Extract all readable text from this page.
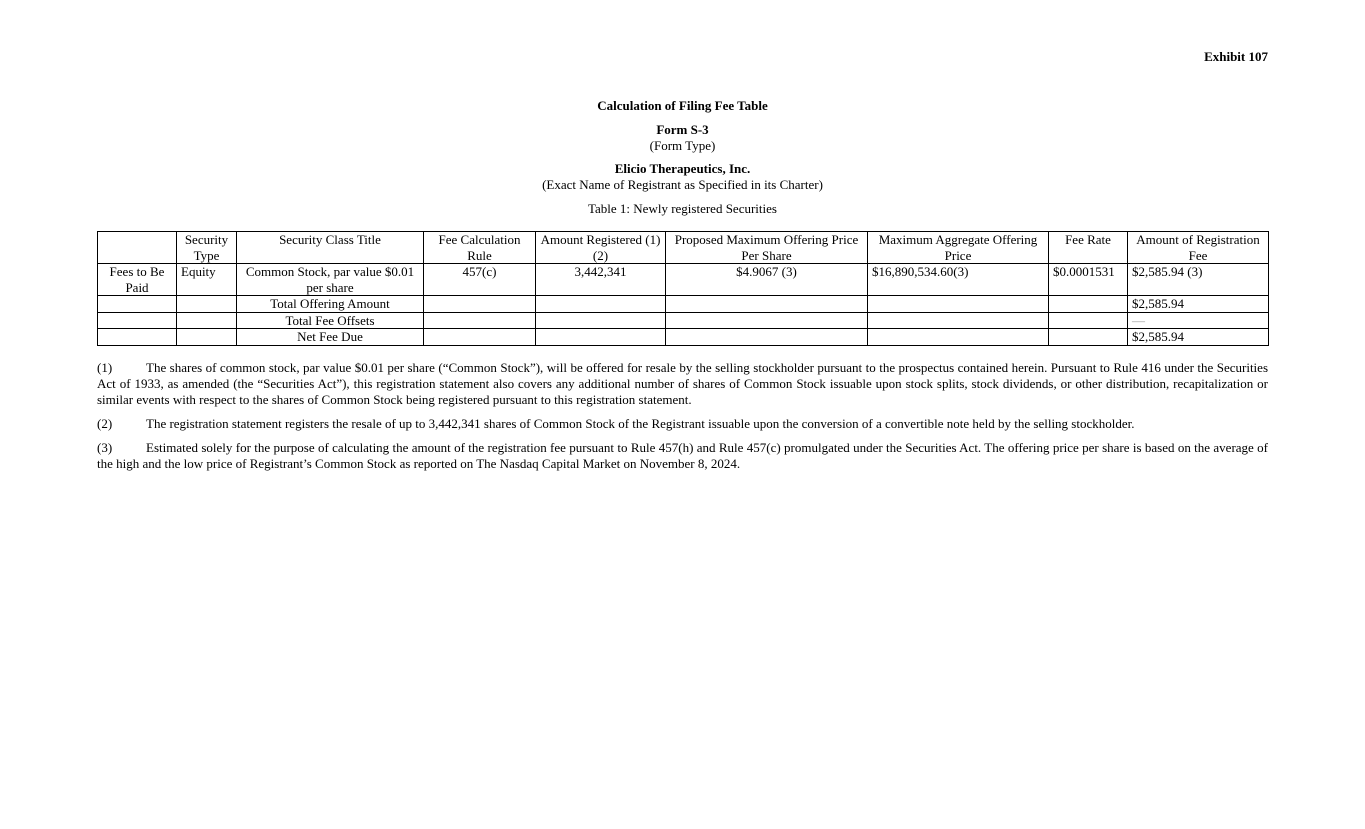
Exhibit 107
Calculation of Filing Fee Table
Form S-3
(Form Type)
Elicio Therapeutics, Inc.
(Exact Name of Registrant as Specified in its Charter)
Table 1: Newly registered Securities
	Security Type	Security Class Title	Fee Calculation Rule	Amount Registered (1)(2)	Proposed Maximum Offering Price Per Share	Maximum Aggregate Offering Price	Fee Rate	Amount of Registration Fee
Fees to Be Paid	Equity	Common Stock, par value $0.01 per share	457(c)	3,442,341	$4.9067 (3)	$16,890,534.60(3)	$0.0001531	$2,585.94 (3)
		Total Offering Amount						$2,585.94
		Total Fee Offsets						—
		Net Fee Due						$2,585.94

(1)	The shares of common stock, par value $0.01 per share (“Common Stock”), will be offered for resale by the selling stockholder pursuant to the prospectus contained herein. Pursuant to Rule 416 under the Securities Act of 1933, as amended (the “Securities Act”), this registration statement also covers any additional number of shares of Common Stock issuable upon stock splits, stock dividends, or other distribution, recapitalization or similar events with respect to the shares of Common Stock being registered pursuant to this registration statement.

(2)	The registration statement registers the resale of up to 3,442,341 shares of Common Stock of the Registrant issuable upon the conversion of a convertible note held by the selling stockholder.

(3)	Estimated solely for the purpose of calculating the amount of the registration fee pursuant to Rule 457(h) and Rule 457(c) promulgated under the Securities Act. The offering price per share is based on the average of the high and the low price of Registrant’s Common Stock as reported on The Nasdaq Capital Market on November 8, 2024.
